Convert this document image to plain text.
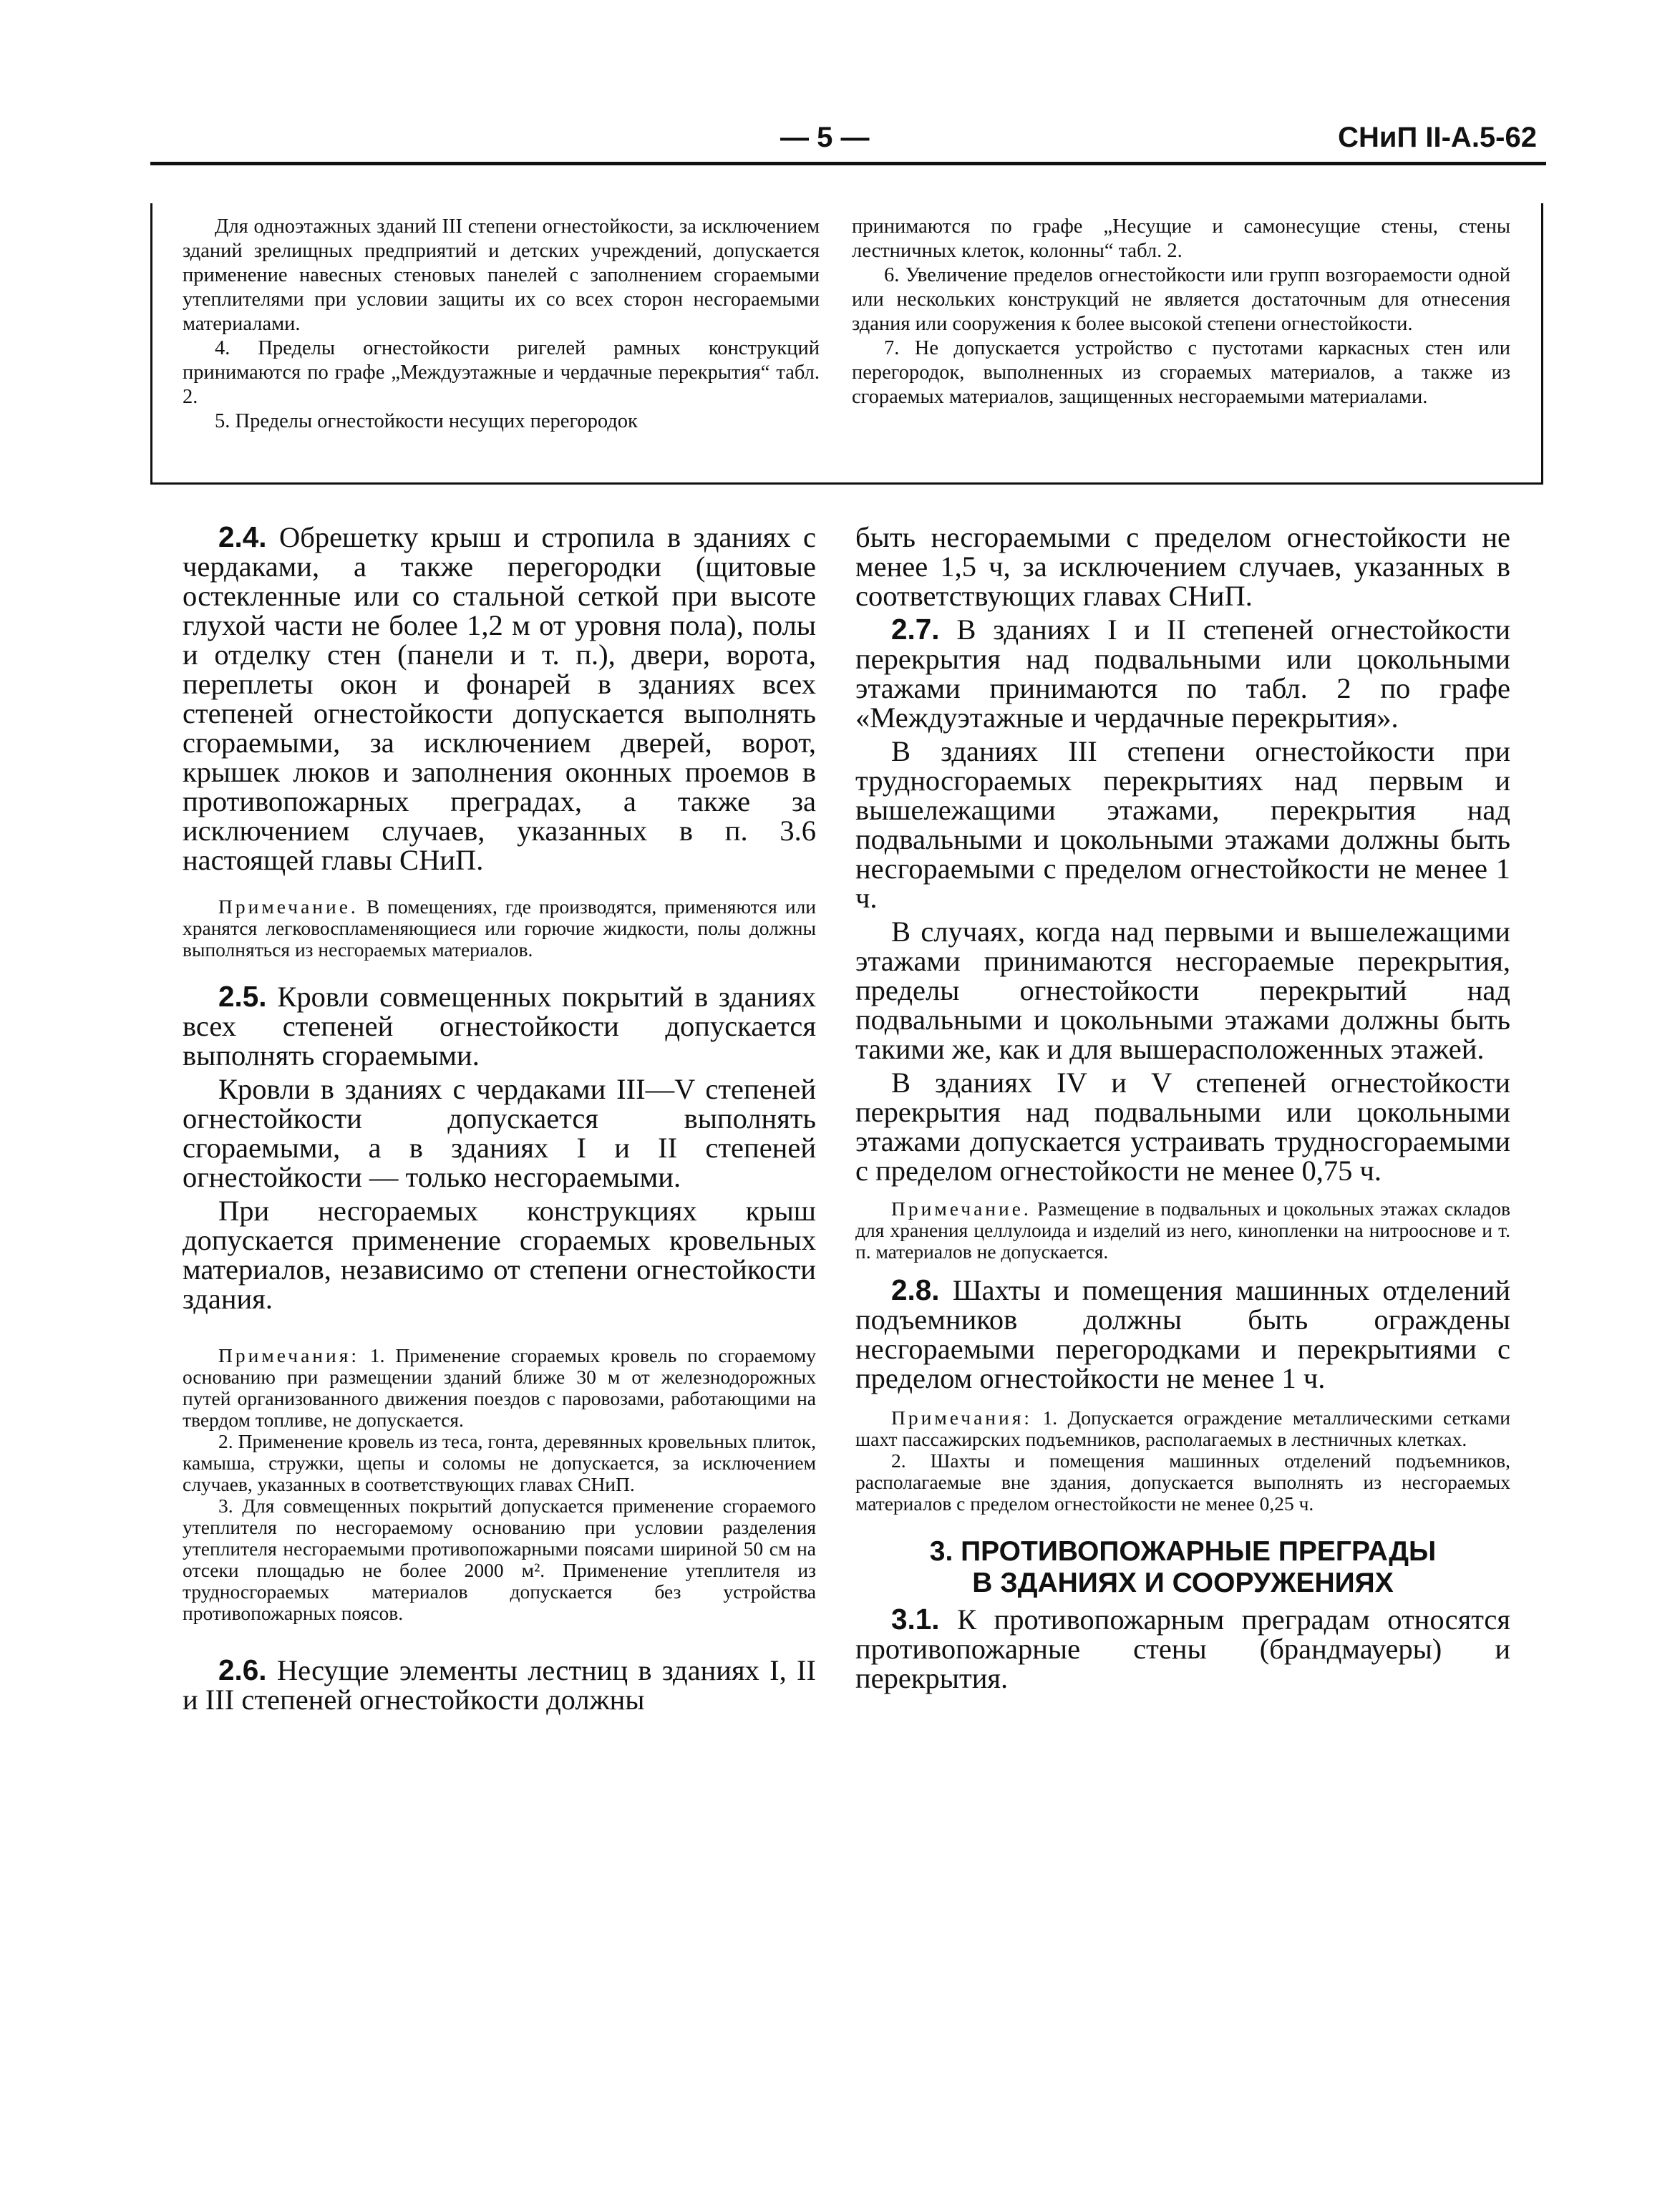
— 5 —	СНиП II-А.5-62

Для одноэтажных зданий III степени огнестойкости, за исключением зданий зрелищных предприятий и детских учреждений, допускается применение навесных стеновых панелей с заполнением сгораемыми утеплителями при условии защиты их со всех сторон несгораемыми материалами.

4. Пределы огнестойкости ригелей рамных конструкций принимаются по графе „Междуэтажные и чердачные перекрытия“ табл. 2.

5. Пределы огнестойкости несущих перегородок

принимаются по графе „Несущие и самонесущие стены, стены лестничных клеток, колонны“ табл. 2.

6. Увеличение пределов огнестойкости или групп возгораемости одной или нескольких конструкций не является достаточным для отнесения здания или сооружения к более высокой степени огнестойкости.

7. Не допускается устройство с пустотами каркасных стен или перегородок, выполненных из сгораемых материалов, а также из сгораемых материалов, защищенных несгораемыми материалами.

2.4. Обрешетку крыш и стропила в зданиях с чердаками, а также перегородки (щитовые остекленные или со стальной сеткой при высоте глухой части не более 1,2 м от уровня пола), полы и отделку стен (панели и т. п.), двери, ворота, переплеты окон и фонарей в зданиях всех степеней огнестойкости допускается выполнять сгораемыми, за исключением дверей, ворот, крышек люков и заполнения оконных проемов в противопожарных преградах, а также за исключением случаев, указанных в п. 3.6 настоящей главы СНиП.

Примечание. В помещениях, где производятся, применяются или хранятся легковоспламеняющиеся или горючие жидкости, полы должны выполняться из несгораемых материалов.

2.5. Кровли совмещенных покрытий в зданиях всех степеней огнестойкости допускается выполнять сгораемыми.

Кровли в зданиях с чердаками III—V степеней огнестойкости допускается выполнять сгораемыми, а в зданиях I и II степеней огнестойкости — только несгораемыми.

При несгораемых конструкциях крыш допускается применение сгораемых кровельных материалов, независимо от степени огнестойкости здания.

Примечания: 1. Применение сгораемых кровель по сгораемому основанию при размещении зданий ближе 30 м от железнодорожных путей организованного движения поездов с паровозами, работающими на твердом топливе, не допускается.

2. Применение кровель из теса, гонта, деревянных кровельных плиток, камыша, стружки, щепы и соломы не допускается, за исключением случаев, указанных в соответствующих главах СНиП.

3. Для совмещенных покрытий допускается применение сгораемого утеплителя по несгораемому основанию при условии разделения утеплителя несгораемыми противопожарными поясами шириной 50 см на отсеки площадью не более 2000 м². Применение утеплителя из трудносгораемых материалов допускается без устройства противопожарных поясов.

2.6. Несущие элементы лестниц в зданиях I, II и III степеней огнестойкости должны

быть несгораемыми с пределом огнестойкости не менее 1,5 ч, за исключением случаев, указанных в соответствующих главах СНиП.

2.7. В зданиях I и II степеней огнестойкости перекрытия над подвальными или цокольными этажами принимаются по табл. 2 по графе «Междуэтажные и чердачные перекрытия».

В зданиях III степени огнестойкости при трудносгораемых перекрытиях над первым и вышележащими этажами, перекрытия над подвальными и цокольными этажами должны быть несгораемыми с пределом огнестойкости не менее 1 ч.

В случаях, когда над первыми и вышележащими этажами принимаются несгораемые перекрытия, пределы огнестойкости перекрытий над подвальными и цокольными этажами должны быть такими же, как и для вышерасположенных этажей.

В зданиях IV и V степеней огнестойкости перекрытия над подвальными или цокольными этажами допускается устраивать трудносгораемыми с пределом огнестойкости не менее 0,75 ч.

Примечание. Размещение в подвальных и цокольных этажах складов для хранения целлулоида и изделий из него, кинопленки на нитрооснове и т. п. материалов не допускается.

2.8. Шахты и помещения машинных отделений подъемников должны быть ограждены несгораемыми перегородками и перекрытиями с пределом огнестойкости не менее 1 ч.

Примечания: 1. Допускается ограждение металлическими сетками шахт пассажирских подъемников, располагаемых в лестничных клетках.

2. Шахты и помещения машинных отделений подъемников, располагаемые вне здания, допускается выполнять из несгораемых материалов с пределом огнестойкости не менее 0,25 ч.

3. ПРОТИВОПОЖАРНЫЕ ПРЕГРАДЫ
В ЗДАНИЯХ И СООРУЖЕНИЯХ

3.1. К противопожарным преградам относятся противопожарные стены (брандмауеры) и перекрытия.
